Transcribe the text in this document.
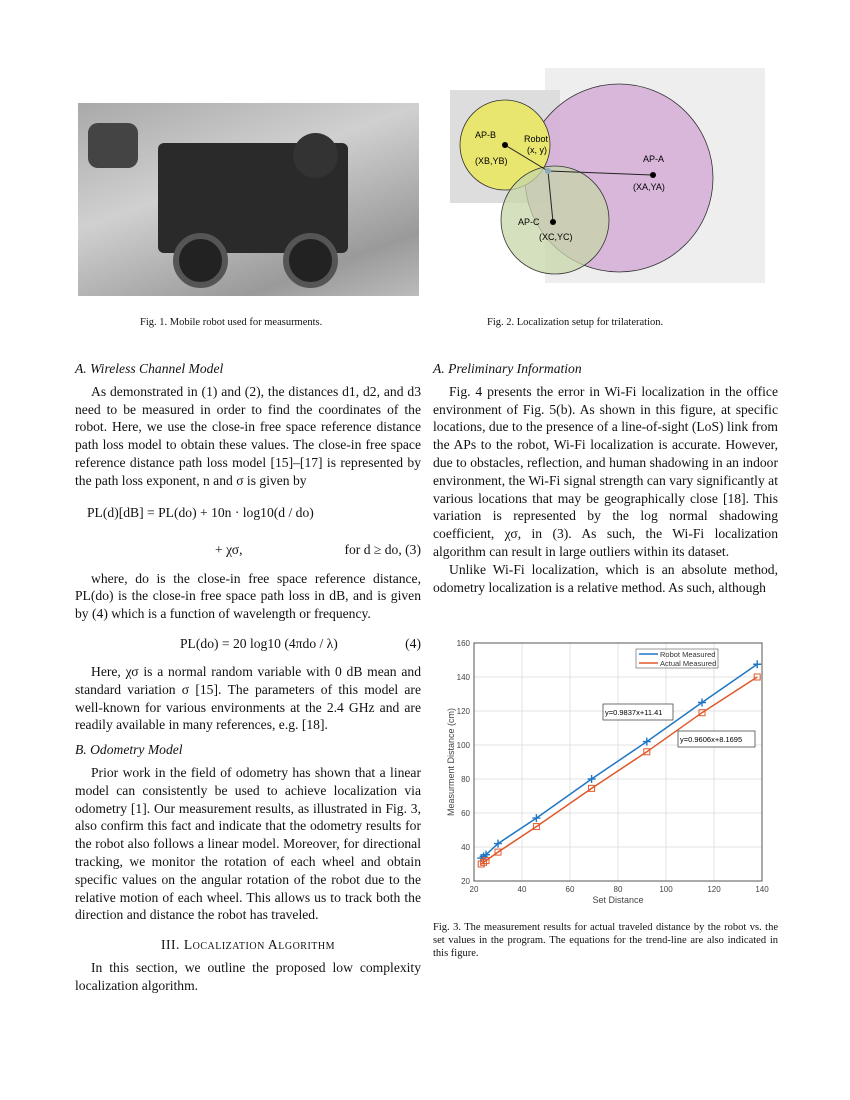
Fig. 1. Mobile robot used for measurments.
AP-A
(XA,YA)
AP-B
(XB,YB)
AP-C
(XC,YC)
Robot
(x, y)
Fig. 2. Localization setup for trilateration.

A. Wireless Channel Model

As demonstrated in (1) and (2), the distances d1, d2, and d3 need to be measured in order to find the coordinates of the robot. Here, we use the close-in free space reference distance path loss model to obtain these values. The close-in free space reference distance path loss model [15]–[17] is represented by the path loss exponent, n and σ is given by

PL(d)[dB] = PL(do) + 10n · log10(d / do)
+ χσ,	for d ≥ do, (3)

where, do is the close-in free space reference distance, PL(do) is the close-in free space path loss in dB, and is given by (4) which is a function of wavelength or frequency.

PL(do) = 20 log10 (4πdo / λ)	(4)

Here, χσ is a normal random variable with 0 dB mean and standard variation σ [15]. The parameters of this model are well-known for various environments at the 2.4 GHz and are readily available in many references, e.g. [18].

B. Odometry Model

Prior work in the field of odometry has shown that a linear model can consistently be used to achieve localization via odometry [1]. Our measurement results, as illustrated in Fig. 3, also confirm this fact and indicate that the odometry results for the robot also follows a linear model. Moreover, for directional tracking, we monitor the rotation of each wheel and obtain specific values on the angular rotation of the robot due to the relative motion of each wheel. This allows us to track both the direction and distance the robot has traveled.

III. Localization Algorithm

In this section, we outline the proposed low complexity localization algorithm.

A. Preliminary Information

Fig. 4 presents the error in Wi-Fi localization in the office environment of Fig. 5(b). As shown in this figure, at specific locations, due to the presence of a line-of-sight (LoS) link from the APs to the robot, Wi-Fi localization is accurate. However, due to obstacles, reflection, and human shadowing in an indoor environment, the Wi-Fi signal strength can vary significantly at various locations that may be geographically close [18]. This variation is represented by the log normal shadowing coefficient, χσ, in (3). As such, the Wi-Fi localization algorithm can result in large outliers within its dataset.

Unlike Wi-Fi localization, which is an absolute method, odometry localization is a relative method. As such, although

20	40	60	80	100	120	140
20
40
60
80
100
120
140
160
Set Distance
Measurment Distance (cm)
Robot Measured
Actual Measured
y=0.9837x+11.41
y=0.9606x+8.1695
Fig. 3. The measurement results for actual traveled distance by the robot vs. the set values in the program. The equations for the trend-line are also indicated in this figure.
